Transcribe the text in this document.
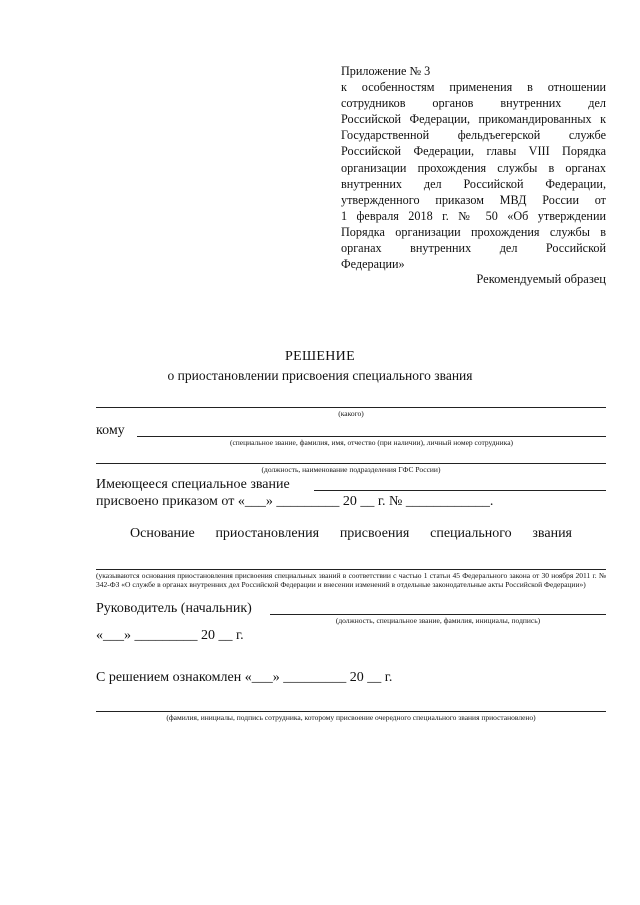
Приложение № 3
к особенностям применения в отношении
сотрудников органов внутренних дел
Российской Федерации, прикомандированных к
Государственной фельдъегерской службе
Российской Федерации, главы VIII Порядка
организации прохождения службы в органах
внутренних дел Российской Федерации,
утвержденного приказом МВД России от
1 февраля 2018 г. № 50 «Об утверждении
Порядка организации прохождения службы в
органах внутренних дел Российской
Федерации»
Рекомендуемый образец
РЕШЕНИЕ
о приостановлении присвоения специального звания
(какого)
кому
(специальное звание, фамилия, имя, отчество (при наличии), личный номер сотрудника)
(должность, наименование подразделения ГФС России)
Имеющееся специальное звание
присвоено приказом от «___» _________ 20 __ г. № ____________.
Основание приостановления присвоения специального звания
(указываются основания приостановления присвоения специальных званий в соответствии с частью 1 статьи 45 Федерального закона от 30 ноября 2011 г. № 342-ФЗ «О службе в органах внутренних дел Российской Федерации и внесении изменений в отдельные законодательные акты Российской Федерации»)
Руководитель (начальник)
(должность, специальное звание, фамилия, инициалы, подпись)
«___» _________ 20 __ г.
С решением ознакомлен «___» _________ 20 __ г.
(фамилия, инициалы, подпись сотрудника, которому присвоение очередного специального звания приостановлено)
